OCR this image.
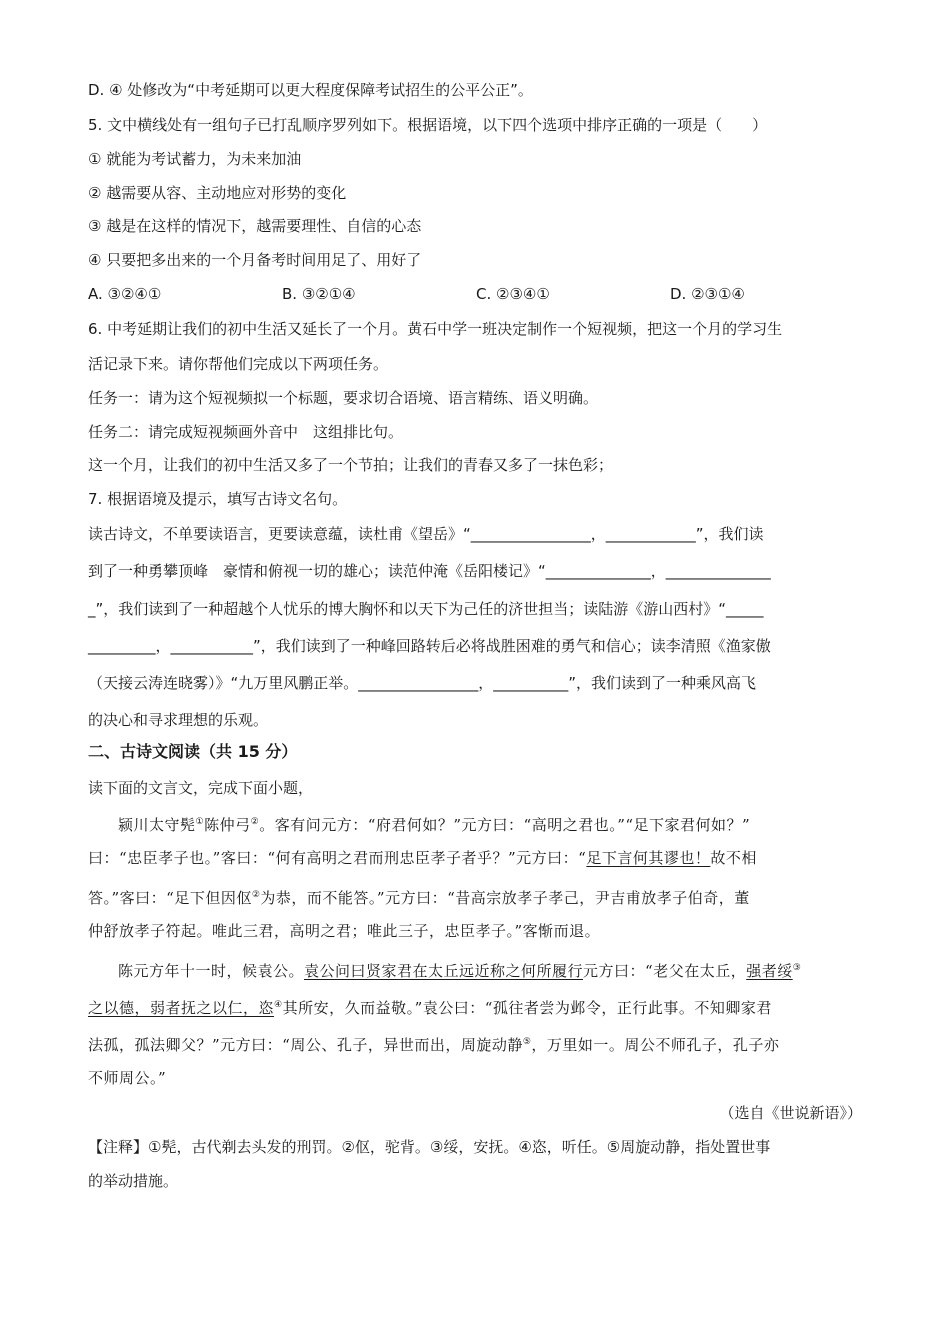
D. ④ 处修改为“中考延期可以更大程度保障考试招生的公平公正”。
5. 文中横线处有一组句子已打乱顺序罗列如下。根据语境，以下四个选项中排序正确的一项是（　　）
① 就能为考试蓄力，为未来加油
② 越需要从容、主动地应对形势的变化
③ 越是在这样的情况下，越需要理性、自信的心态
④ 只要把多出来的一个月备考时间用足了、用好了
A. ③②④①	B. ③②①④	C. ②③④①	D. ②③①④
6. 中考延期让我们的初中生活又延长了一个月。黄石中学一班决定制作一个短视频，把这一个月的学习生
活记录下来。请你帮他们完成以下两项任务。
任务一：请为这个短视频拟一个标题，要求切合语境、语言精练、语义明确。
任务二：请完成短视频画外音中　这组排比句。
这一个月，让我们的初中生活又多了一个节拍；让我们的青春又多了一抹色彩；
7. 根据语境及提示，填写古诗文名句。
读古诗文，不单要读语言，更要读意蕴，读杜甫《望岳》“________________，____________”，我们读
到了一种勇攀顶峰　豪情和俯视一切的雄心；读范仲淹《岳阳楼记》“______________，______________
_”，我们读到了一种超越个人忧乐的博大胸怀和以天下为己任的济世担当；读陆游《游山西村》“_____
_________，___________”，我们读到了一种峰回路转后必将战胜困难的勇气和信心；读李清照《渔家傲
（天接云涛连晓雾）》“九万里风鹏正举。________________，__________”，我们读到了一种乘风高飞
的决心和寻求理想的乐观。
二、古诗文阅读（共 15 分）
读下面的文言文，完成下面小题，
颍川太守髡①陈仲弓②。客有问元方：“府君何如？”元方曰：“高明之君也。”“足下家君何如？”
曰：“忠臣孝子也。”客曰：“何有高明之君而刑忠臣孝子者乎？”元方曰：“足下言何其谬也！故不相
答。”客曰：“足下但因伛②为恭，而不能答。”元方曰：“昔高宗放孝子孝己，尹吉甫放孝子伯奇，董
仲舒放孝子符起。唯此三君，高明之君；唯此三子，忠臣孝子。”客惭而退。
陈元方年十一时，候袁公。袁公问曰贤家君在太丘远近称之何所履行元方曰：“老父在太丘，强者绥③
之以德，弱者抚之以仁，恣④其所安，久而益敬。”袁公曰：“孤往者尝为邺令，正行此事。不知卿家君
法孤，孤法卿父？”元方曰：“周公、孔子，异世而出，周旋动静⑤，万里如一。周公不师孔子，孔子亦
不师周公。”
（选自《世说新语》）
【注释】①髡，古代剃去头发的刑罚。②伛，驼背。③绥，安抚。④恣，听任。⑤周旋动静，指处置世事
的举动措施。
